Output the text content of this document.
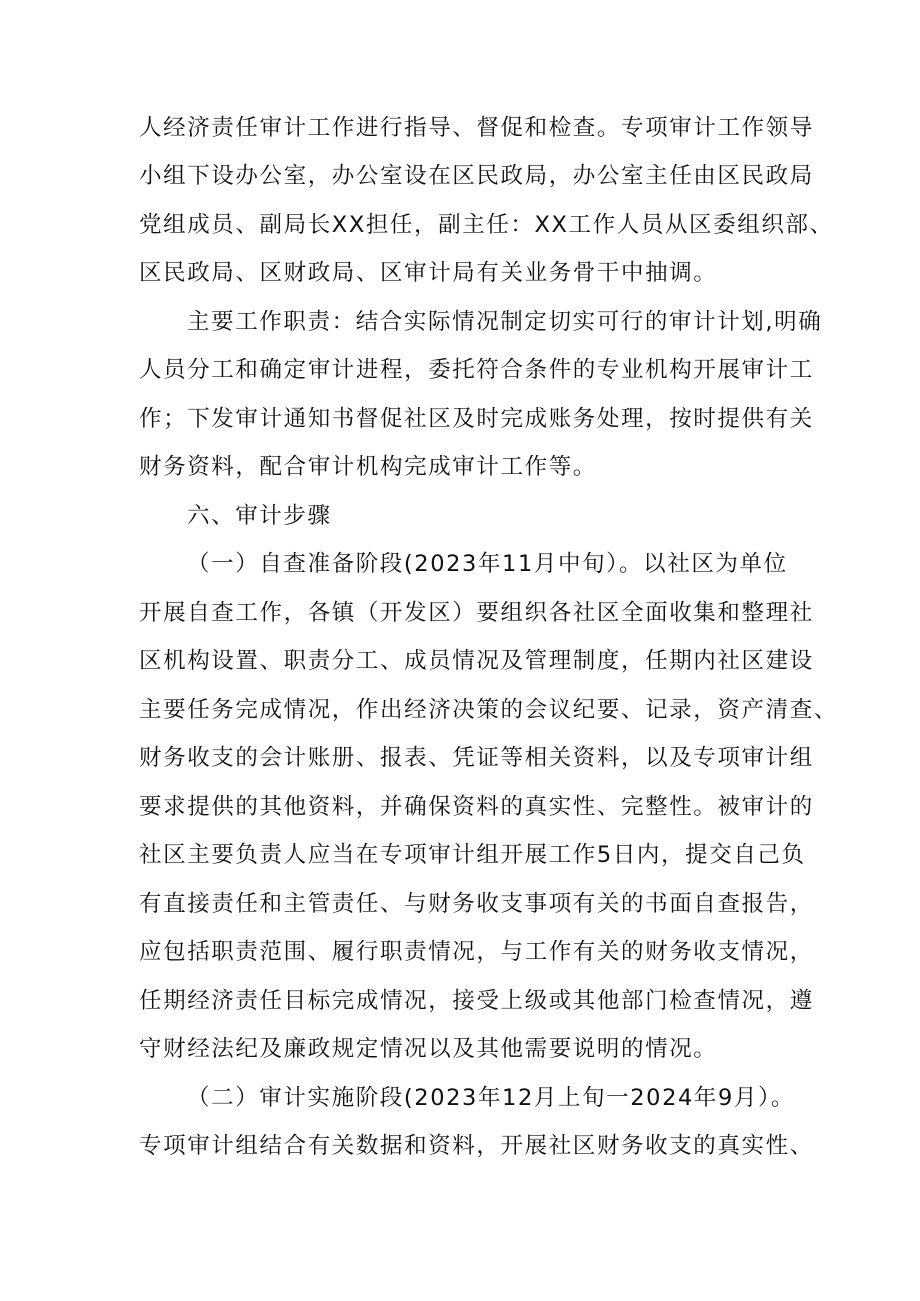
人经济责任审计工作进行指导、督促和检查。专项审计工作领导
小组下设办公室，办公室设在区民政局，办公室主任由区民政局
党组成员、副局长XX担任，副主任：XX工作人员从区委组织部、
区民政局、区财政局、区审计局有关业务骨干中抽调。
主要工作职责：结合实际情况制定切实可行的审计计划,明确
人员分工和确定审计进程，委托符合条件的专业机构开展审计工
作；下发审计通知书督促社区及时完成账务处理，按时提供有关
财务资料，配合审计机构完成审计工作等。
六、审计步骤
（一）自查准备阶段(2023年11月中旬）。以社区为单位
开展自查工作，各镇（开发区）要组织各社区全面收集和整理社
区机构设置、职责分工、成员情况及管理制度，任期内社区建设
主要任务完成情况，作出经济决策的会议纪要、记录，资产清查、
财务收支的会计账册、报表、凭证等相关资料，以及专项审计组
要求提供的其他资料，并确保资料的真实性、完整性。被审计的
社区主要负责人应当在专项审计组开展工作5日内，提交自己负
有直接责任和主管责任、与财务收支事项有关的书面自查报告，
应包括职责范围、履行职责情况，与工作有关的财务收支情况，
任期经济责任目标完成情况，接受上级或其他部门检查情况，遵
守财经法纪及廉政规定情况以及其他需要说明的情况。
（二）审计实施阶段(2023年12月上旬一2024年9月）。
专项审计组结合有关数据和资料，开展社区财务收支的真实性、
